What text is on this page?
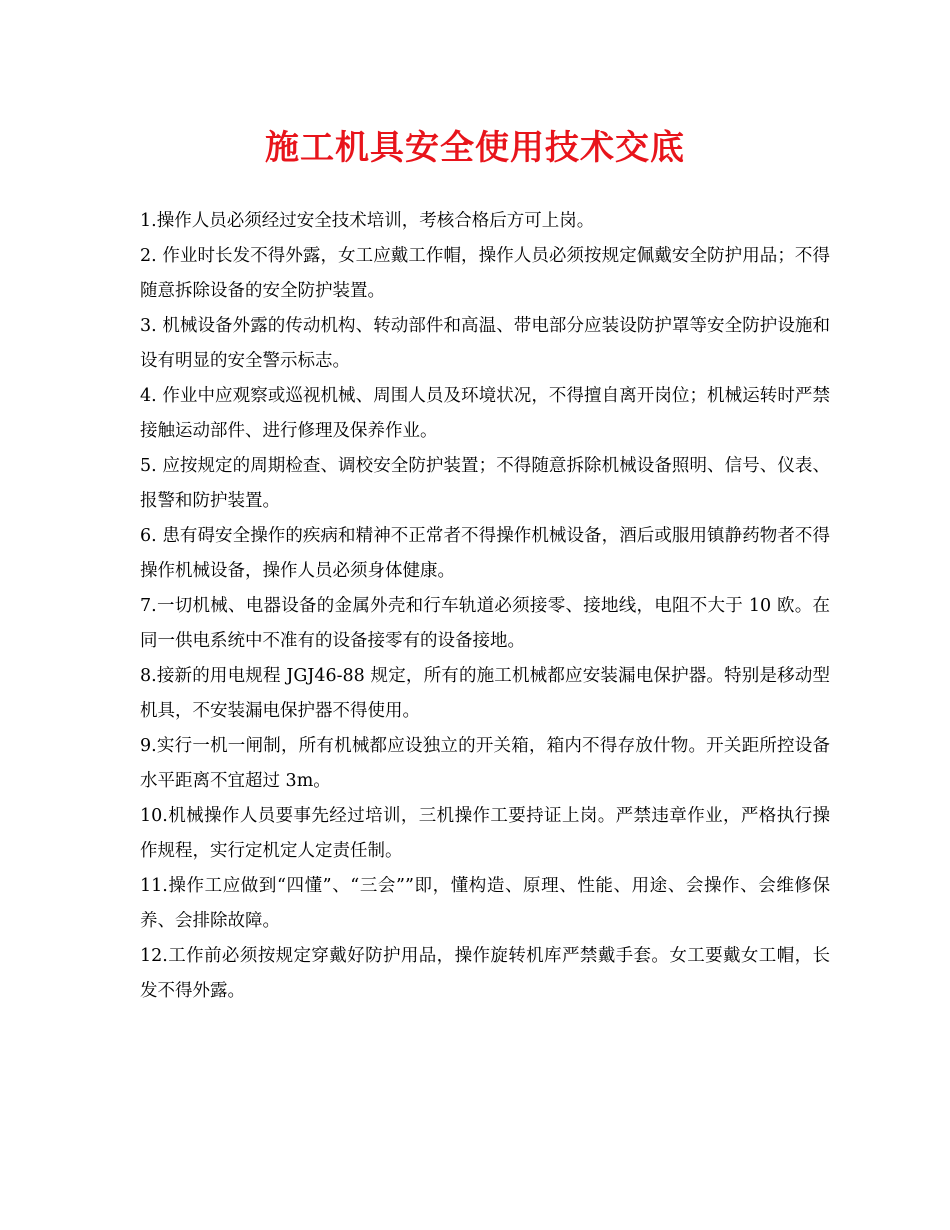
施工机具安全使用技术交底

1.操作人员必须经过安全技术培训，考核合格后方可上岗。

2. 作业时长发不得外露，女工应戴工作帽，操作人员必须按规定佩戴安全防护用品；不得随意拆除设备的安全防护装置。

3. 机械设备外露的传动机构、转动部件和高温、带电部分应装设防护罩等安全防护设施和设有明显的安全警示标志。

4. 作业中应观察或巡视机械、周围人员及环境状况，不得擅自离开岗位；机械运转时严禁接触运动部件、进行修理及保养作业。

5. 应按规定的周期检查、调校安全防护装置；不得随意拆除机械设备照明、信号、仪表、报警和防护装置。

6. 患有碍安全操作的疾病和精神不正常者不得操作机械设备，酒后或服用镇静药物者不得操作机械设备，操作人员必须身体健康。

7.一切机械、电器设备的金属外壳和行车轨道必须接零、接地线，电阻不大于 10 欧。在同一供电系统中不准有的设备接零有的设备接地。

8.接新的用电规程 JGJ46-88 规定，所有的施工机械都应安装漏电保护器。特别是移动型机具，不安装漏电保护器不得使用。

9.实行一机一闸制，所有机械都应设独立的开关箱，箱内不得存放什物。开关距所控设备水平距离不宜超过 3m。

10.机械操作人员要事先经过培训，三机操作工要持证上岗。严禁违章作业，严格执行操作规程，实行定机定人定责任制。

11.操作工应做到“四懂”、“三会””即，懂构造、原理、性能、用途、会操作、会维修保养、会排除故障。

12.工作前必须按规定穿戴好防护用品，操作旋转机库严禁戴手套。女工要戴女工帽，长发不得外露。
